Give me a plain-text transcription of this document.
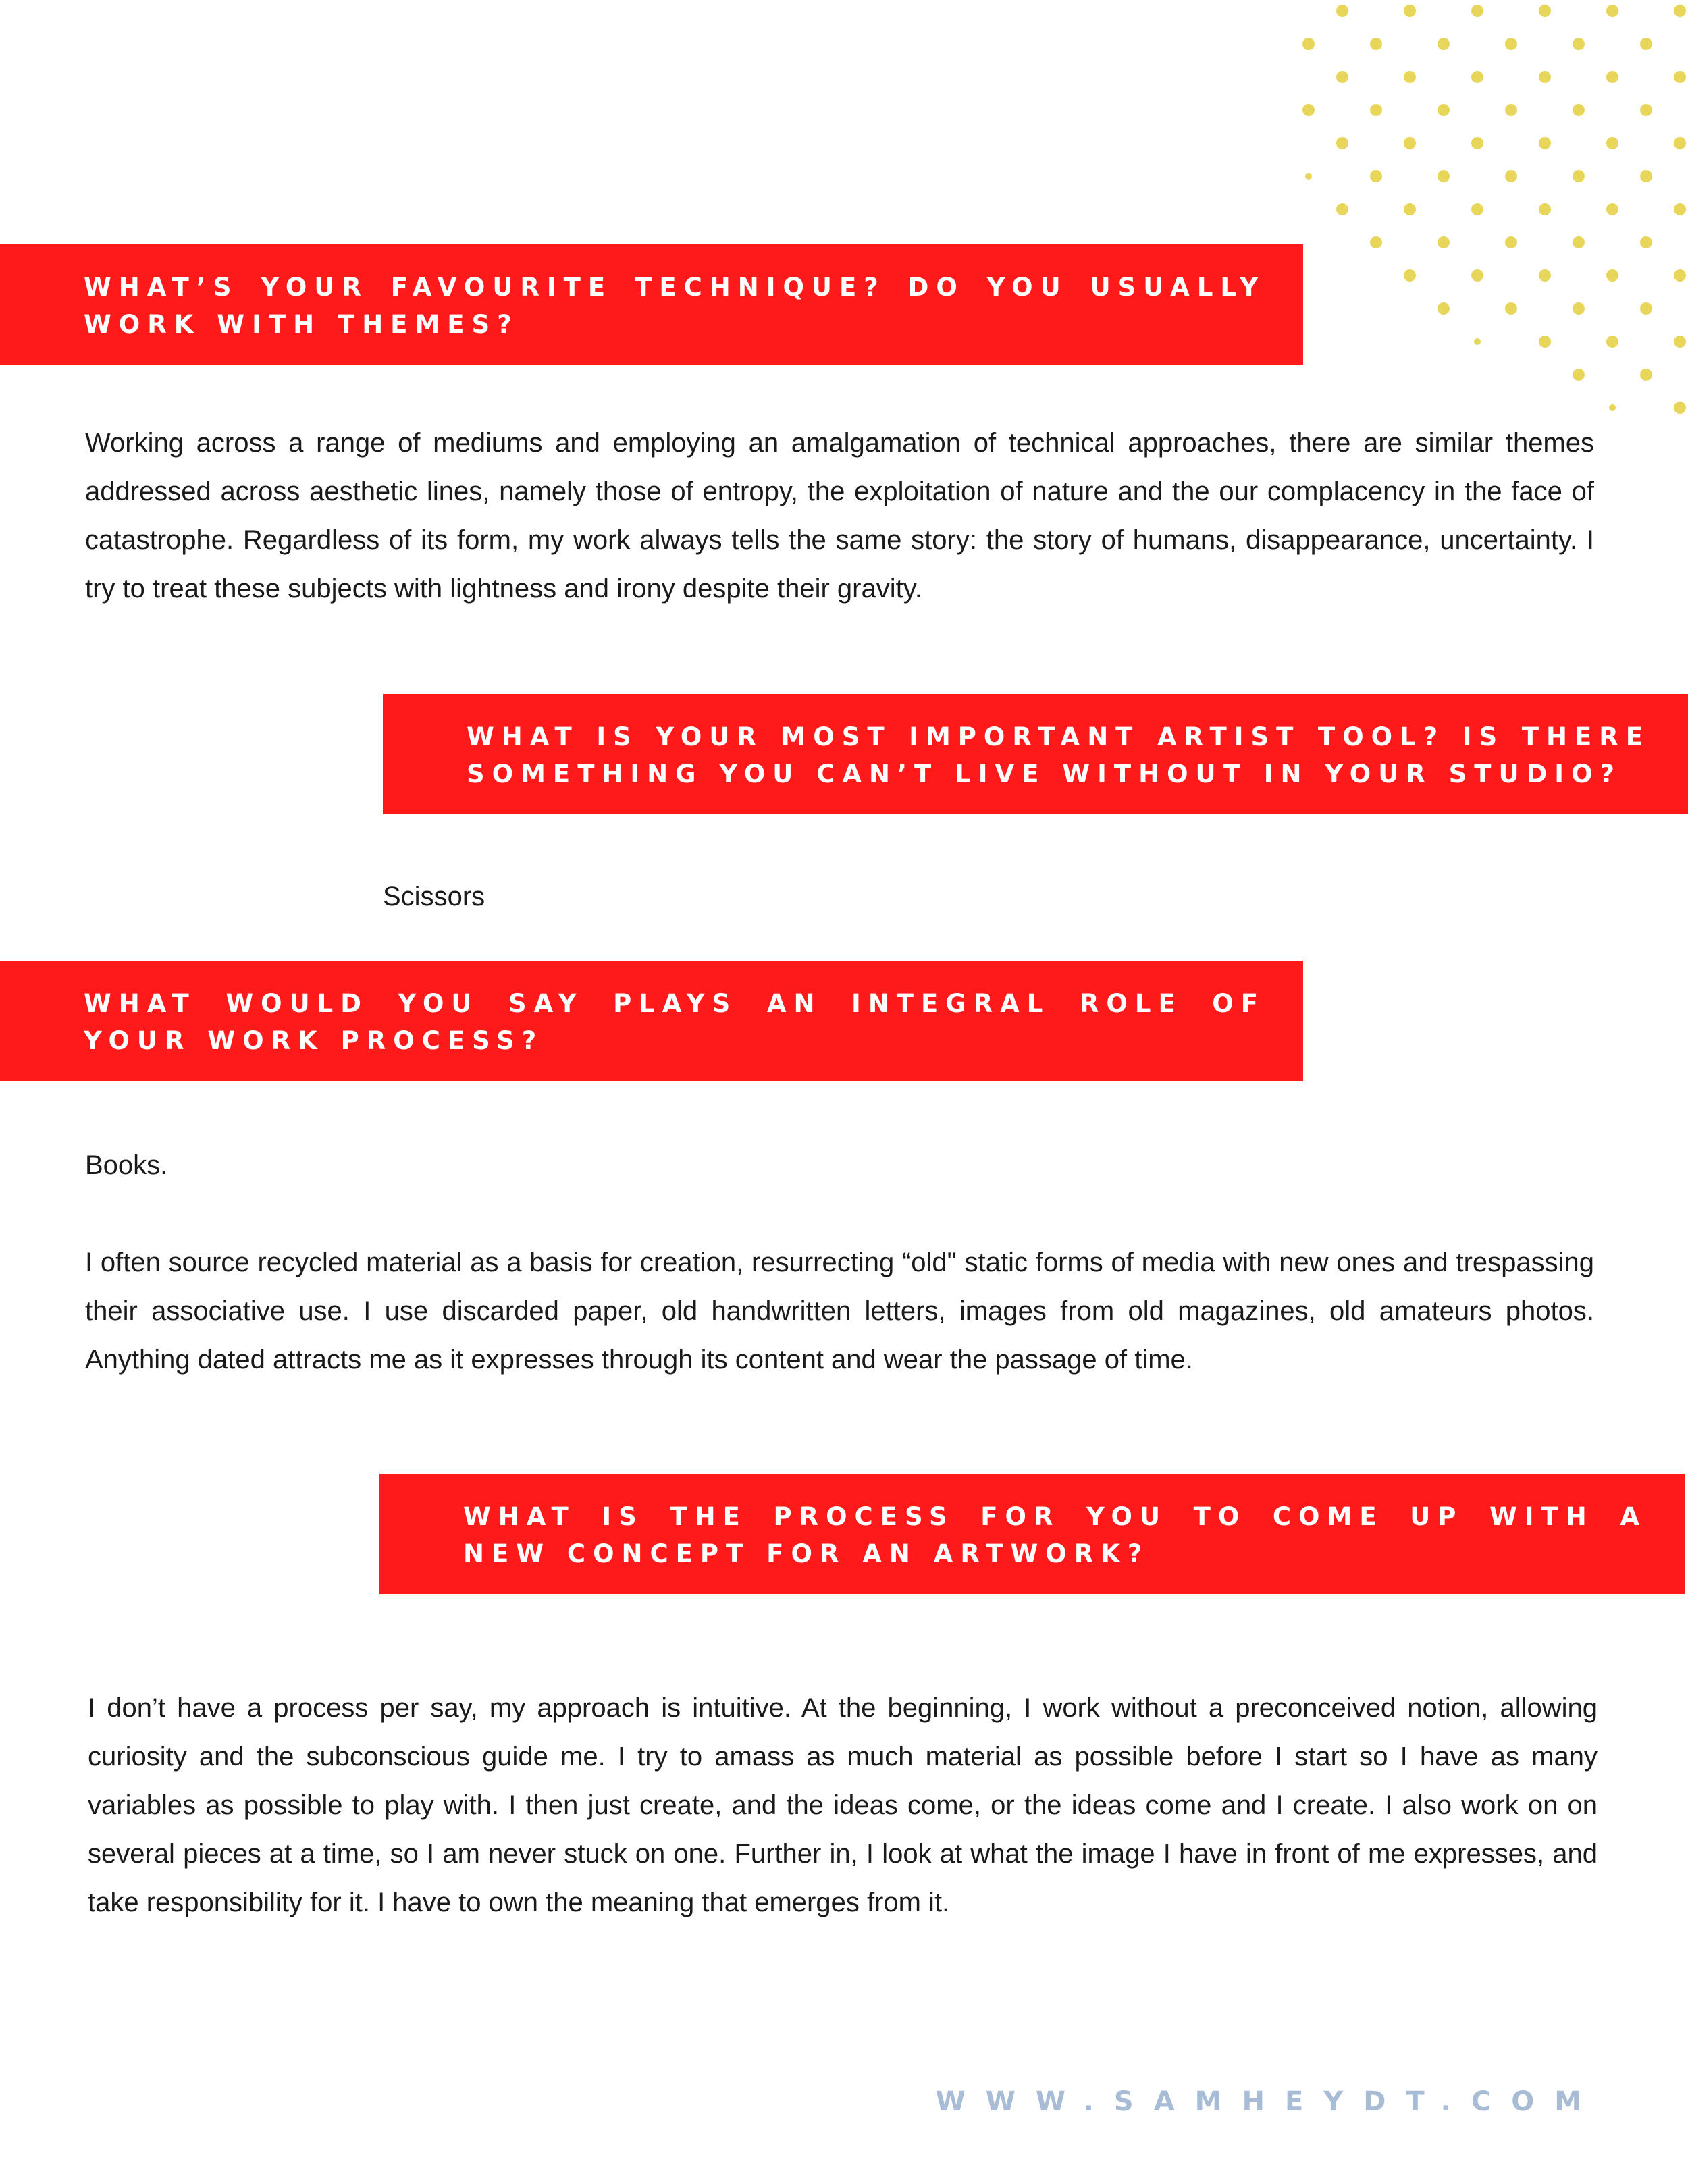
WHAT’S YOUR FAVOURITE TECHNIQUE? DO YOU USUALLY WORK WITH THEMES?

Working across a range of mediums and employing an amalgamation of technical approaches, there are similar themes addressed across aesthetic lines, namely those of entropy, the exploitation of nature and the our complacency in the face of catastrophe. Regardless of its form, my work always tells the same story: the story of humans, disappearance, uncertainty. I try to treat these subjects with lightness and irony despite their gravity.

WHAT IS YOUR MOST IMPORTANT ARTIST TOOL? IS THERE SOMETHING YOU CAN’T LIVE WITHOUT IN YOUR STUDIO?

Scissors

WHAT WOULD YOU SAY PLAYS AN INTEGRAL ROLE OF YOUR WORK PROCESS?

Books.

I often source recycled material as a basis for creation, resurrecting “old" static forms of media with new ones and trespassing their associative use. I use discarded paper, old handwritten letters, images from old magazines, old amateurs photos. Anything dated attracts me as it expresses through its content and wear the passage of time.

WHAT IS THE PROCESS FOR YOU TO COME UP WITH A NEW CONCEPT FOR AN ARTWORK?

I don’t have a process per say, my approach is intuitive. At the beginning, I work without a preconceived notion, allowing curiosity and the subconscious guide me. I try to amass as much material as possible before I start so I have as many variables as possible to play with. I then just create, and the ideas come, or the ideas come and I create. I also work on on several pieces at a time, so I am never stuck on one. Further in, I look at what the image I have in front of me expresses, and take responsibility for it. I have to own the meaning that emerges from it.

WWW.SAMHEYDT.COM
